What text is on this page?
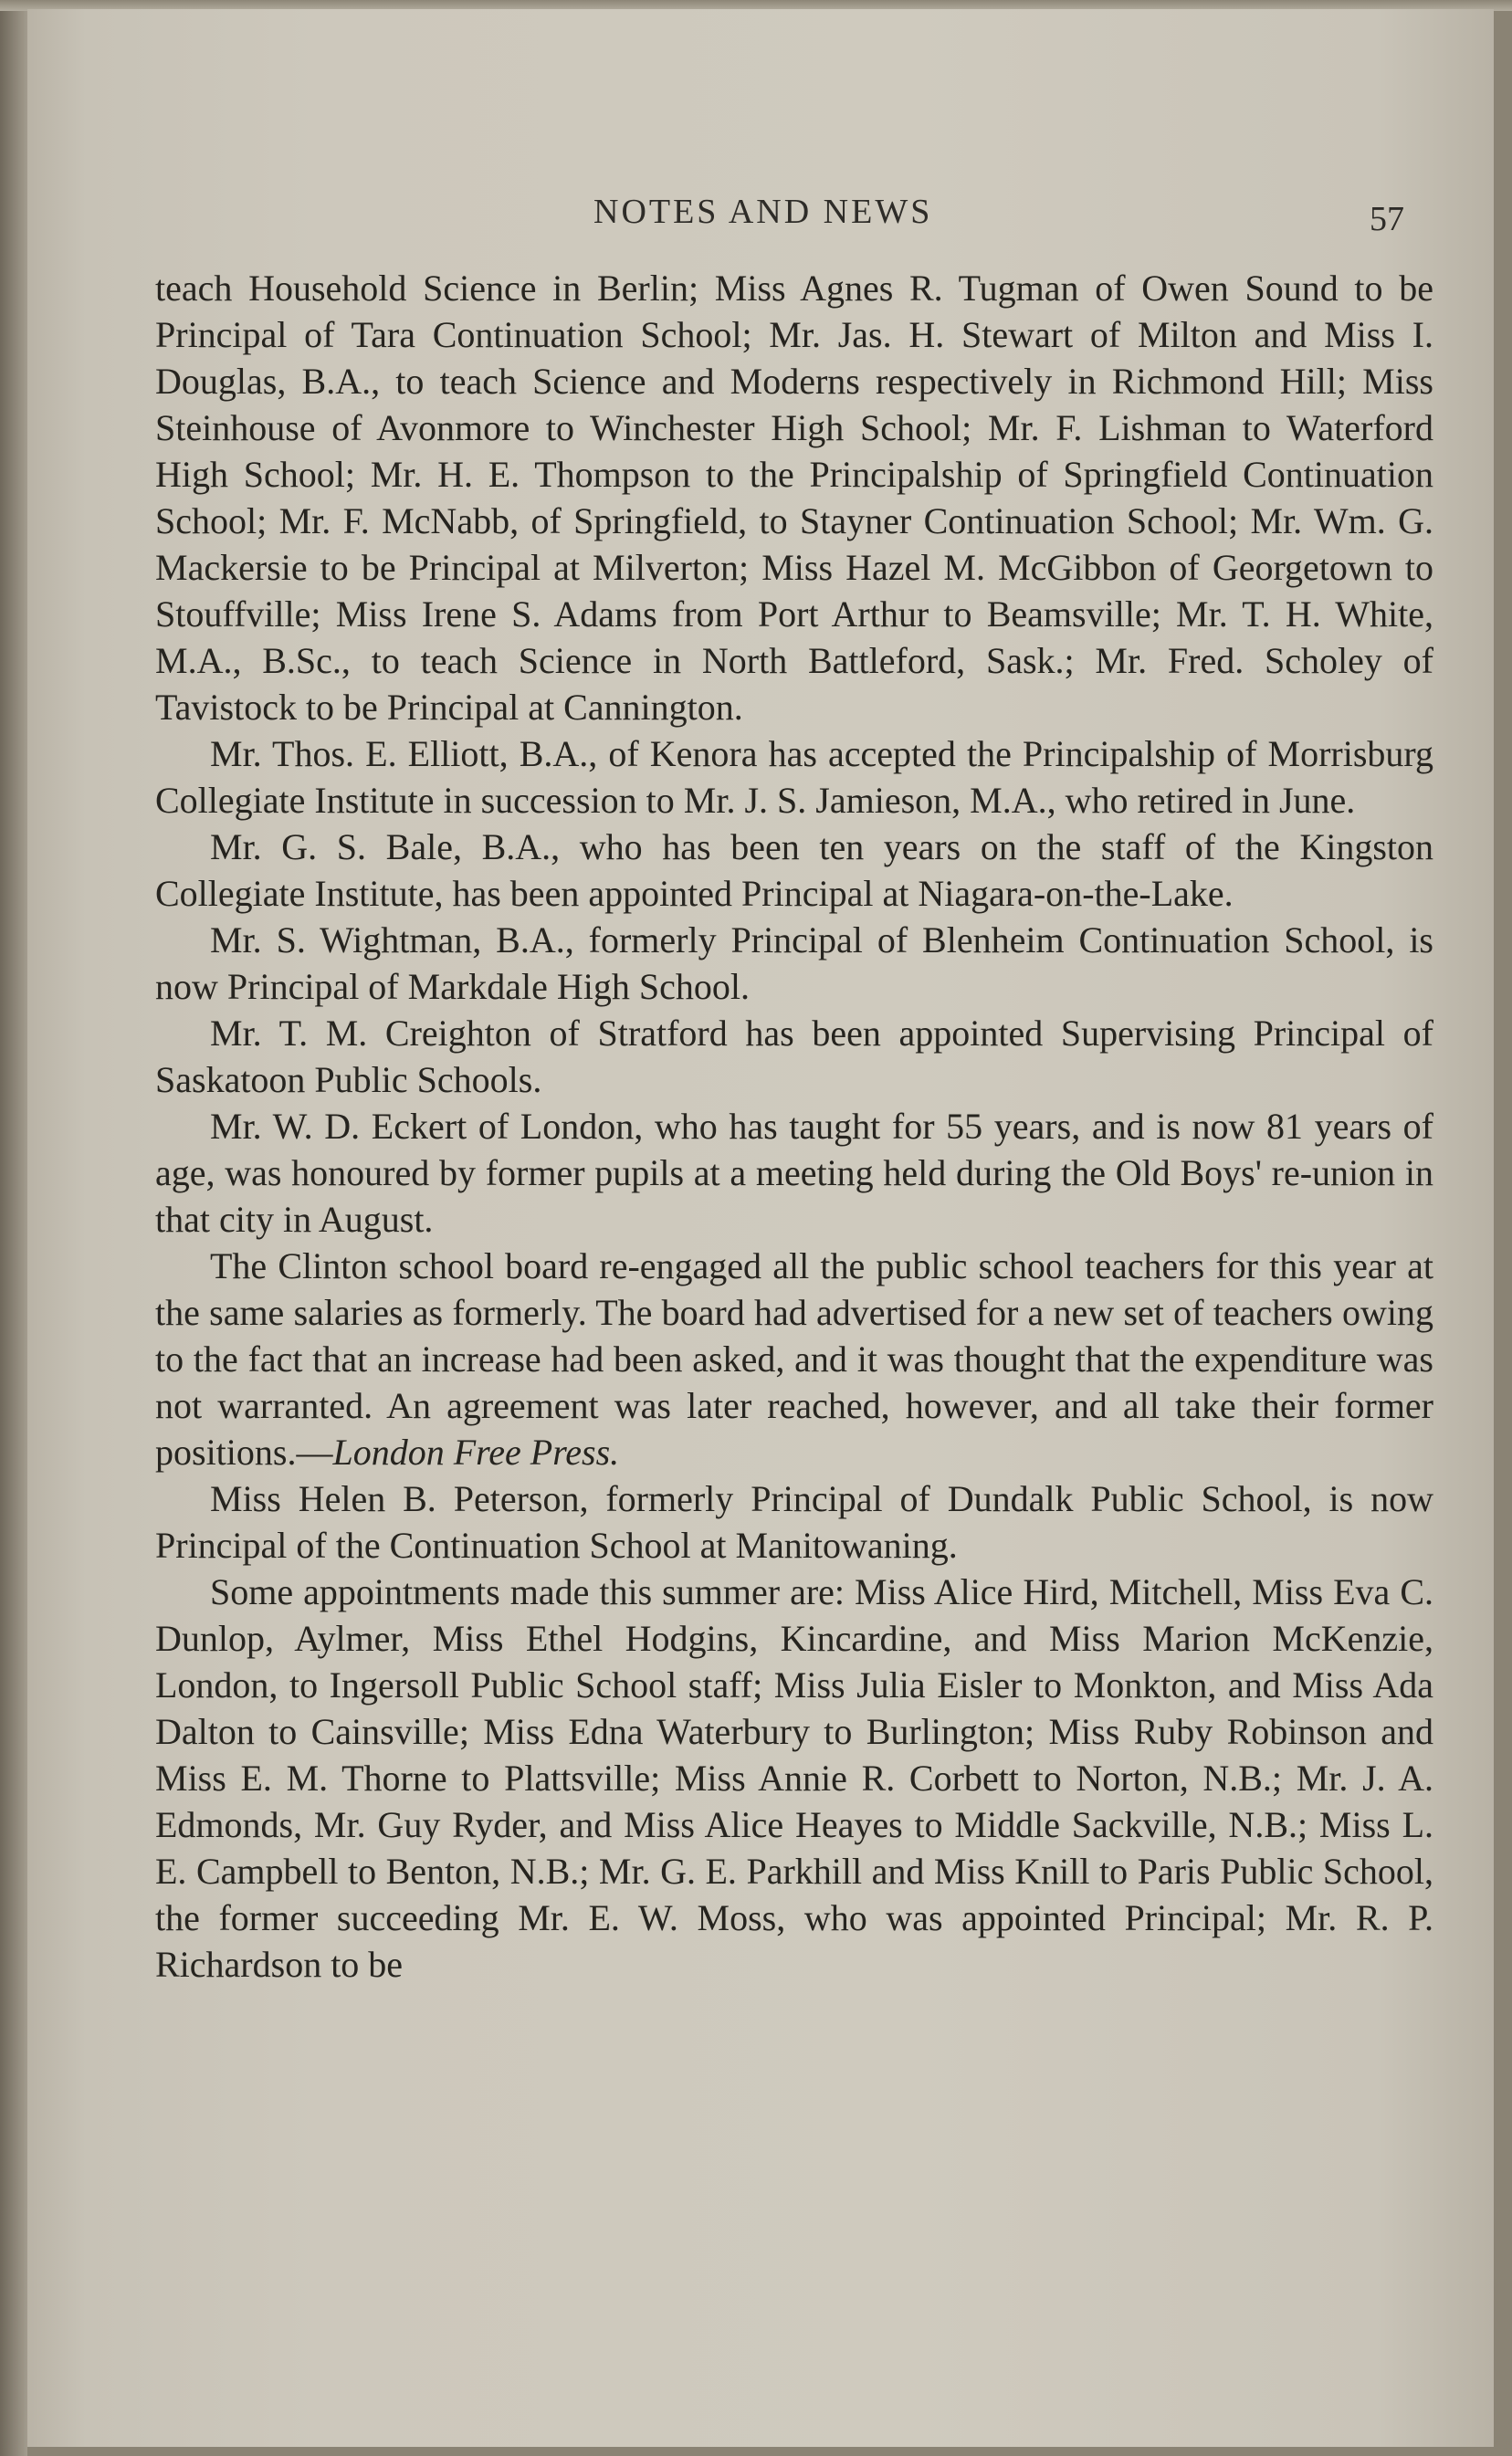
NOTES AND NEWS	57

teach Household Science in Berlin; Miss Agnes R. Tugman of Owen Sound to be Principal of Tara Continuation School; Mr. Jas. H. Stewart of Milton and Miss I. Douglas, B.A., to teach Science and Moderns respectively in Richmond Hill; Miss Steinhouse of Avonmore to Winchester High School; Mr. F. Lishman to Waterford High School; Mr. H. E. Thompson to the Principalship of Springfield Continuation School; Mr. F. McNabb, of Springfield, to Stayner Continuation School; Mr. Wm. G. Mackersie to be Principal at Milverton; Miss Hazel M. McGibbon of Georgetown to Stouffville; Miss Irene S. Adams from Port Arthur to Beamsville; Mr. T. H. White, M.A., B.Sc., to teach Science in North Battleford, Sask.; Mr. Fred. Scholey of Tavistock to be Principal at Cannington.

Mr. Thos. E. Elliott, B.A., of Kenora has accepted the Principalship of Morrisburg Collegiate Institute in succession to Mr. J. S. Jamieson, M.A., who retired in June.

Mr. G. S. Bale, B.A., who has been ten years on the staff of the Kingston Collegiate Institute, has been appointed Principal at Niagara-on-the-Lake.

Mr. S. Wightman, B.A., formerly Principal of Blenheim Continuation School, is now Principal of Markdale High School.

Mr. T. M. Creighton of Stratford has been appointed Supervising Principal of Saskatoon Public Schools.

Mr. W. D. Eckert of London, who has taught for 55 years, and is now 81 years of age, was honoured by former pupils at a meeting held during the Old Boys' re-union in that city in August.

The Clinton school board re-engaged all the public school teachers for this year at the same salaries as formerly. The board had advertised for a new set of teachers owing to the fact that an increase had been asked, and it was thought that the expenditure was not warranted. An agreement was later reached, however, and all take their former positions.—London Free Press.

Miss Helen B. Peterson, formerly Principal of Dundalk Public School, is now Principal of the Continuation School at Manitowaning.

Some appointments made this summer are: Miss Alice Hird, Mitchell, Miss Eva C. Dunlop, Aylmer, Miss Ethel Hodgins, Kincardine, and Miss Marion McKenzie, London, to Ingersoll Public School staff; Miss Julia Eisler to Monkton, and Miss Ada Dalton to Cainsville; Miss Edna Waterbury to Burlington; Miss Ruby Robinson and Miss E. M. Thorne to Plattsville; Miss Annie R. Corbett to Norton, N.B.; Mr. J. A. Edmonds, Mr. Guy Ryder, and Miss Alice Heayes to Middle Sackville, N.B.; Miss L. E. Campbell to Benton, N.B.; Mr. G. E. Parkhill and Miss Knill to Paris Public School, the former succeeding Mr. E. W. Moss, who was appointed Principal; Mr. R. P. Richardson to be
